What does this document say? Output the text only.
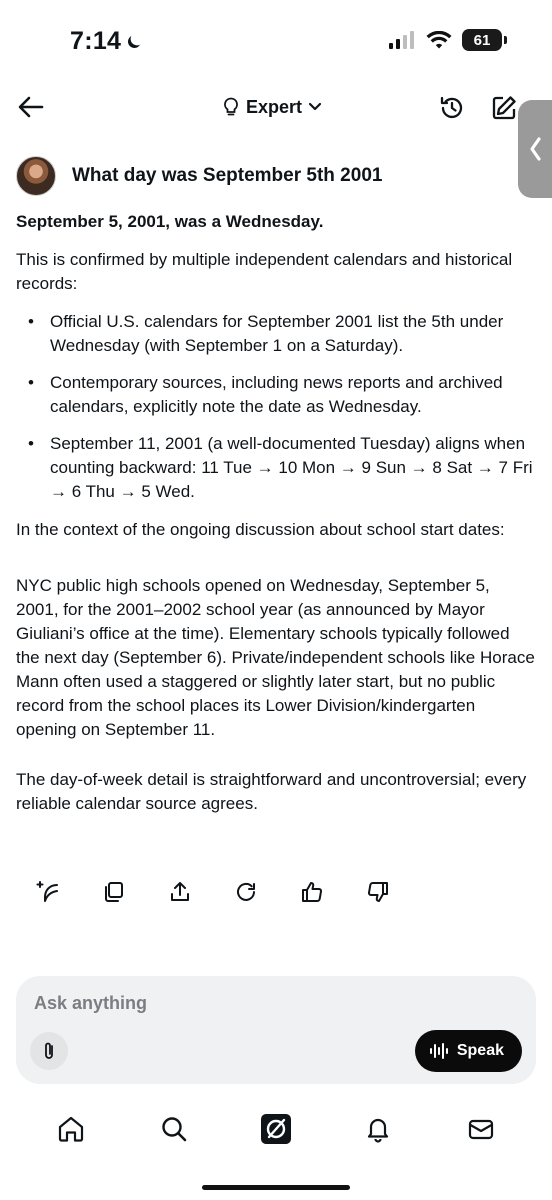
7:14	61
Expert
What day was September 5th 2001

September 5, 2001, was a Wednesday.

This is confirmed by multiple independent calendars and historical records:

• Official U.S. calendars for September 2001 list the 5th under Wednesday (with September 1 on a Saturday).
• Contemporary sources, including news reports and archived calendars, explicitly note the date as Wednesday.
• September 11, 2001 (a well-documented Tuesday) aligns when counting backward: 11 Tue → 10 Mon → 9 Sun → 8 Sat → 7 Fri → 6 Thu → 5 Wed.

In the context of the ongoing discussion about school start dates:

NYC public high schools opened on Wednesday, September 5, 2001, for the 2001–2002 school year (as announced by Mayor Giuliani’s office at the time). Elementary schools typically followed the next day (September 6). Private/independent schools like Horace Mann often used a staggered or slightly later start, but no public record from the school places its Lower Division/kindergarten opening on September 11.

The day-of-week detail is straightforward and uncontroversial; every reliable calendar source agrees.

Ask anything
Speak
